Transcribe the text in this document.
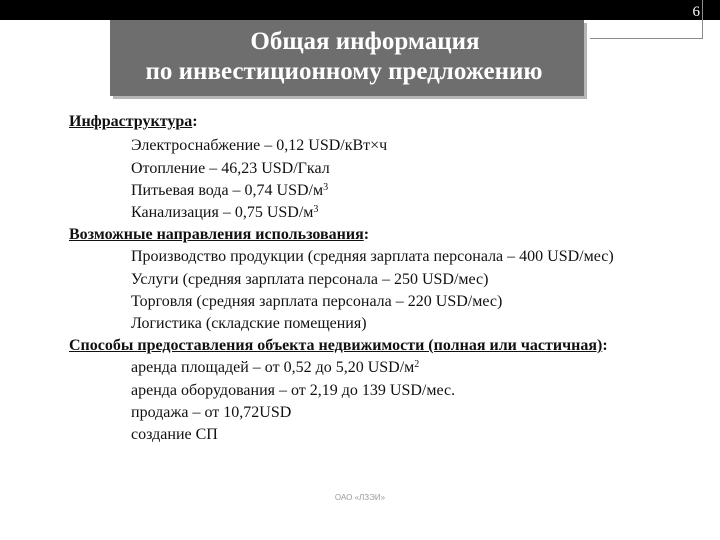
6
Общая информация
по инвестиционному предложению
Инфраструктура:
Электроснабжение – 0,12 USD/кВт×ч
Отопление – 46,23 USD/Гкал
Питьевая вода – 0,74 USD/$м^3$
Канализация – 0,75 USD/$м^3$
Возможные направления использования:
Производство продукции (средняя зарплата персонала – 400 USD/мес)
Услуги (средняя зарплата персонала – 250 USD/мес)
Торговля (средняя зарплата персонала – 220 USD/мес)
Логистика (складские помещения)
Способы предоставления объекта недвижимости (полная или частичная):
аренда площадей – от 0,52 до 5,20 USD/$м^2$
аренда оборудования – от 2,19 до 139 USD/мес.
продажа – от 10,72USD
создание СП
ОАО «ЛЗЭИ»
